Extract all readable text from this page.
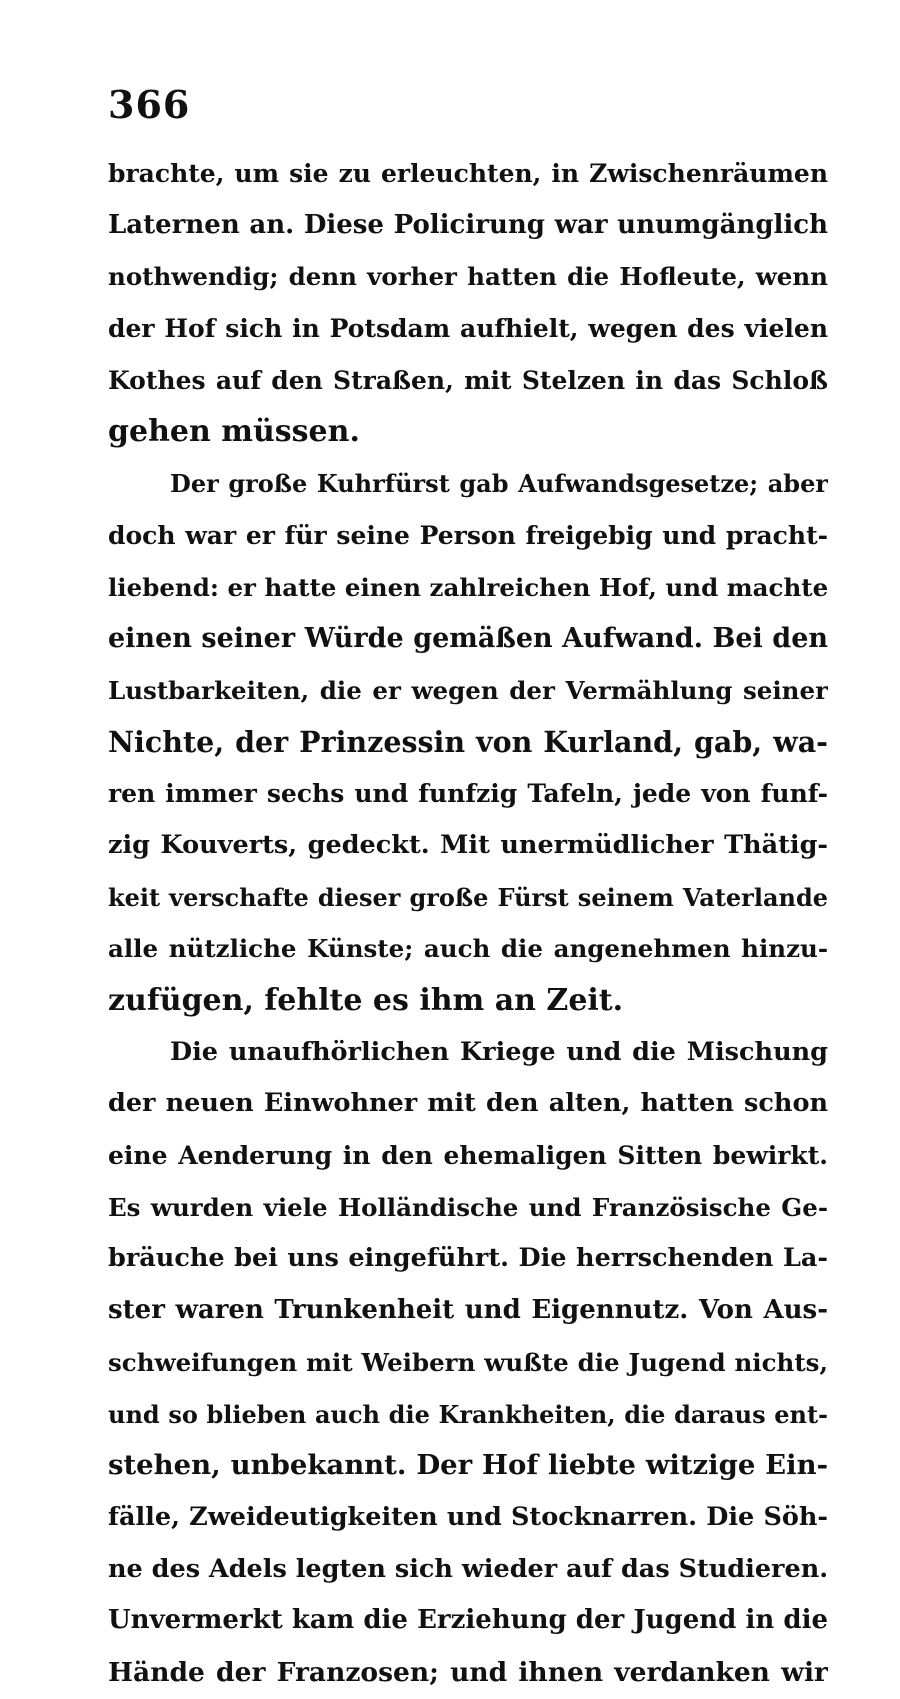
366
brachte, um sie zu erleuchten, in Zwischenräumen
Laternen an. Diese Policirung war unumgänglich
nothwendig; denn vorher hatten die Hofleute, wenn
der Hof sich in Potsdam aufhielt, wegen des vielen
Kothes auf den Straßen, mit Stelzen in das Schloß
gehen müssen.
Der große Kuhrfürst gab Aufwandsgesetze; aber
doch war er für seine Person freigebig und pracht-
liebend: er hatte einen zahlreichen Hof, und machte
einen seiner Würde gemäßen Aufwand. Bei den
Lustbarkeiten, die er wegen der Vermählung seiner
Nichte, der Prinzessin von Kurland, gab, wa-
ren immer sechs und funfzig Tafeln, jede von funf-
zig Kouverts, gedeckt. Mit unermüdlicher Thätig-
keit verschafte dieser große Fürst seinem Vaterlande
alle nützliche Künste; auch die angenehmen hinzu-
zufügen, fehlte es ihm an Zeit.
Die unaufhörlichen Kriege und die Mischung
der neuen Einwohner mit den alten, hatten schon
eine Aenderung in den ehemaligen Sitten bewirkt.
Es wurden viele Holländische und Französische Ge-
bräuche bei uns eingeführt. Die herrschenden La-
ster waren Trunkenheit und Eigennutz. Von Aus-
schweifungen mit Weibern wußte die Jugend nichts,
und so blieben auch die Krankheiten, die daraus ent-
stehen, unbekannt. Der Hof liebte witzige Ein-
fälle, Zweideutigkeiten und Stocknarren. Die Söh-
ne des Adels legten sich wieder auf das Studieren.
Unvermerkt kam die Erziehung der Jugend in die
Hände der Franzosen; und ihnen verdanken wir
